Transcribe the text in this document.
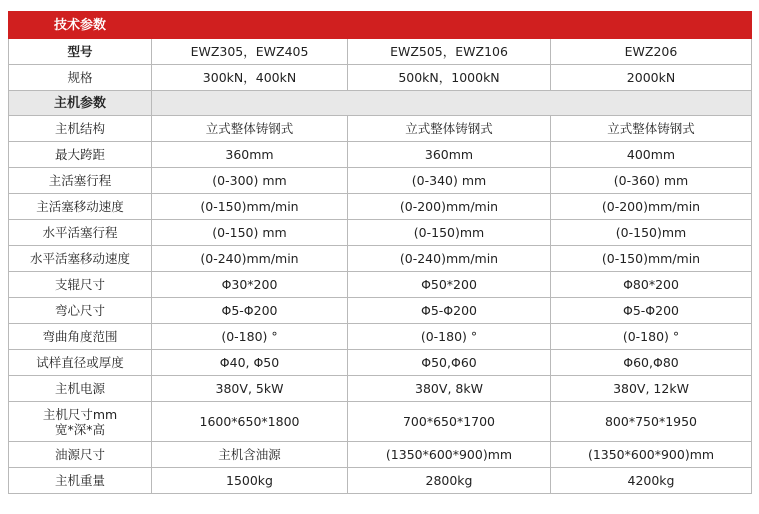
技术参数			
型号	EWZ305，EWZ405	EWZ505，EWZ106	EWZ206
规格	300kN，400kN	500kN，1000kN	2000kN
主机参数			
主机结构	立式整体铸钢式	立式整体铸钢式	立式整体铸钢式
最大跨距	360mm	360mm	400mm
主活塞行程	(0-300) mm	(0-340) mm	(0-360) mm
主活塞移动速度	(0-150)mm/min	(0-200)mm/min	(0-200)mm/min
水平活塞行程	(0-150) mm	(0-150)mm	(0-150)mm
水平活塞移动速度	(0-240)mm/min	(0-240)mm/min	(0-150)mm/min
支辊尺寸	Φ30*200	Φ50*200	Φ80*200
弯心尺寸	Φ5-Φ200	Φ5-Φ200	Φ5-Φ200
弯曲角度范围	(0-180) °	(0-180) °	(0-180) °
试样直径或厚度	Φ40, Φ50	Φ50,Φ60	Φ60,Φ80
主机电源	380V, 5kW	380V, 8kW	380V, 12kW

主机尺寸mm
宽*深*高	1600*650*1800	700*650*1700	800*750*1950
油源尺寸	主机含油源	(1350*600*900)mm	(1350*600*900)mm
主机重量	1500kg	2800kg	4200kg
